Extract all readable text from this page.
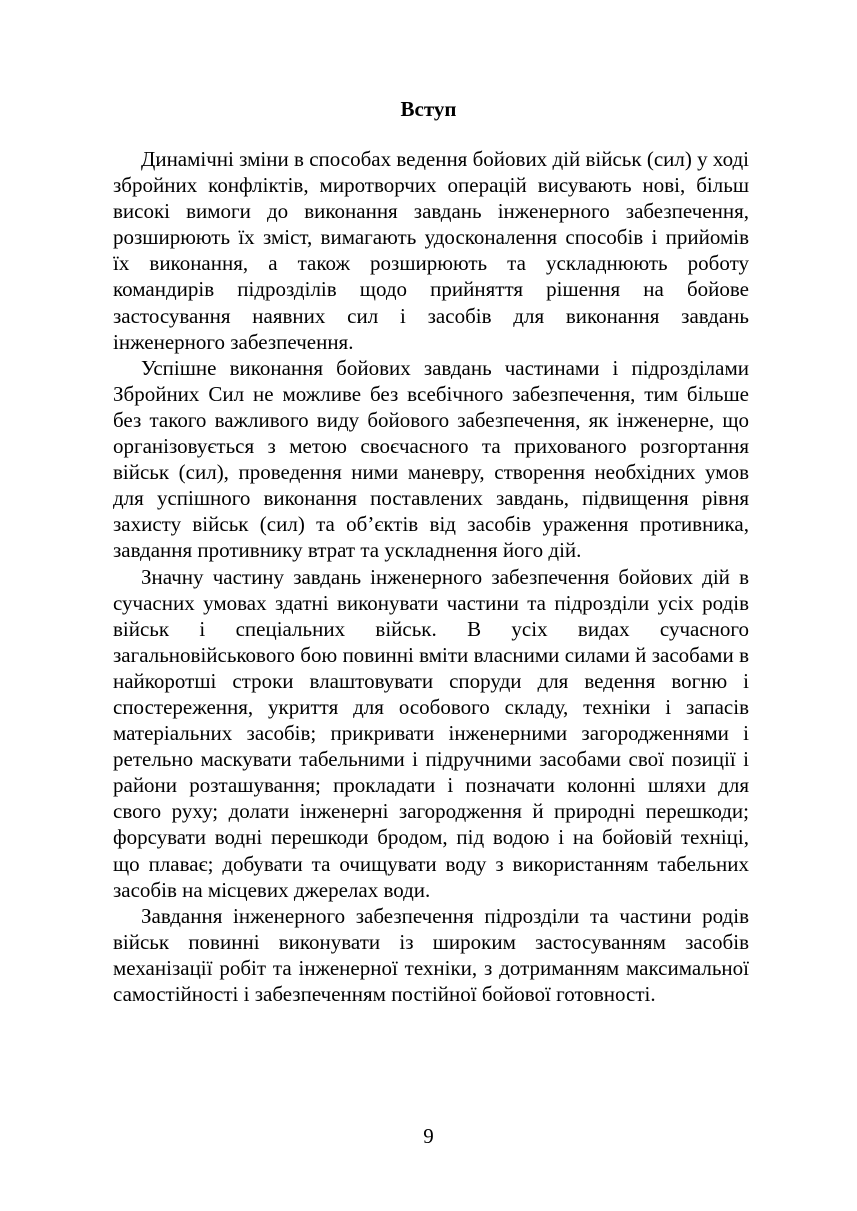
Вступ

Динамічні зміни в способах ведення бойових дій військ (сил) у ході збройних конфліктів, миротворчих операцій висувають нові, більш високі вимоги до виконання завдань інженерного забезпечення, розширюють їх зміст, вимагають удосконалення способів і прийомів їх виконання, а також розширюють та ускладнюють роботу командирів підрозділів щодо прийняття рішення на бойове застосування наявних сил і засобів для виконання завдань інженерного забезпечення.

Успішне виконання бойових завдань частинами і підрозділами Збройних Сил не можливе без всебічного забезпечення, тим більше без такого важливого виду бойового забезпечення, як інженерне, що організовується з метою своєчасного та прихованого розгортання військ (сил), проведення ними маневру, створення необхідних умов для успішного виконання поставлених завдань, підвищення рівня захисту військ (сил) та об’єктів від засобів ураження противника, завдання противнику втрат та ускладнення його дій.

Значну частину завдань інженерного забезпечення бойових дій в сучасних умовах здатні виконувати частини та підрозділи усіх родів військ і спеціальних військ. В усіх видах сучасного загальновійськового бою повинні вміти власними силами й засобами в найкоротші строки влаштовувати споруди для ведення вогню і спостереження, укриття для особового складу, техніки і запасів матеріальних засобів; прикривати інженерними загородженнями і ретельно маскувати табельними і підручними засобами свої позиції і райони розташування; прокладати і позначати колонні шляхи для свого руху; долати інженерні загородження й природні перешкоди; форсувати водні перешкоди бродом, під водою і на бойовій техніці, що плаває; добувати та очищувати воду з використанням табельних засобів на місцевих джерелах води.

Завдання інженерного забезпечення підрозділи та частини родів військ повинні виконувати із широким застосуванням засобів механізації робіт та інженерної техніки, з дотриманням максимальної самостійності і забезпеченням постійної бойової готовності.

9
